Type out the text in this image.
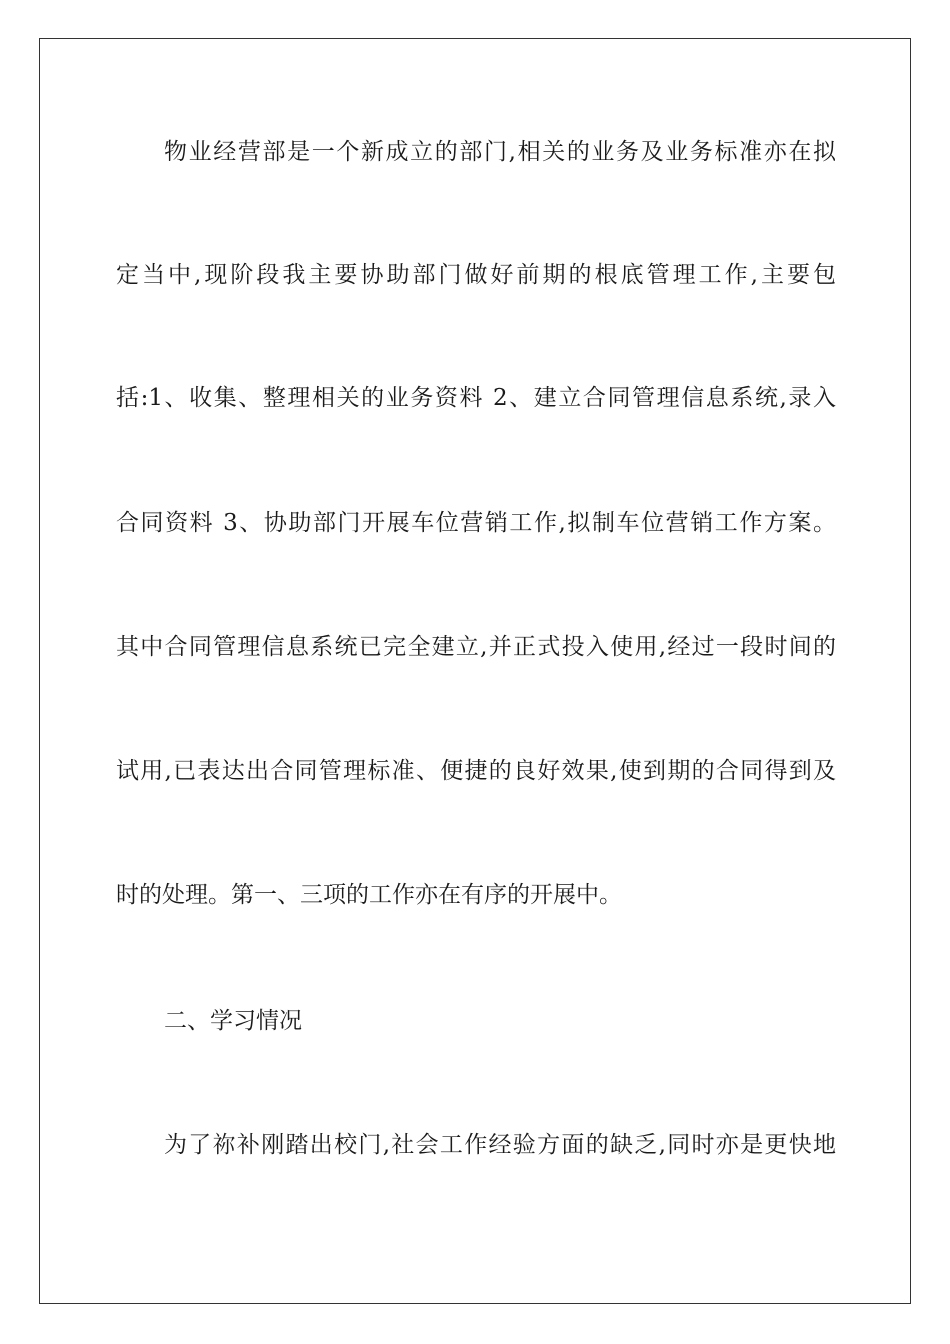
物业经营部是一个新成立的部门,相关的业务及业务标准亦在拟
定当中,现阶段我主要协助部门做好前期的根底管理工作,主要包
括:1、收集、整理相关的业务资料 2、建立合同管理信息系统,录入
合同资料 3、协助部门开展车位营销工作,拟制车位营销工作方案。
其中合同管理信息系统已完全建立,并正式投入使用,经过一段时间的
试用,已表达出合同管理标准、便捷的良好效果,使到期的合同得到及
时的处理。第一、三项的工作亦在有序的开展中。
二、学习情况
为了祢补刚踏出校门,社会工作经验方面的缺乏,同时亦是更快地
